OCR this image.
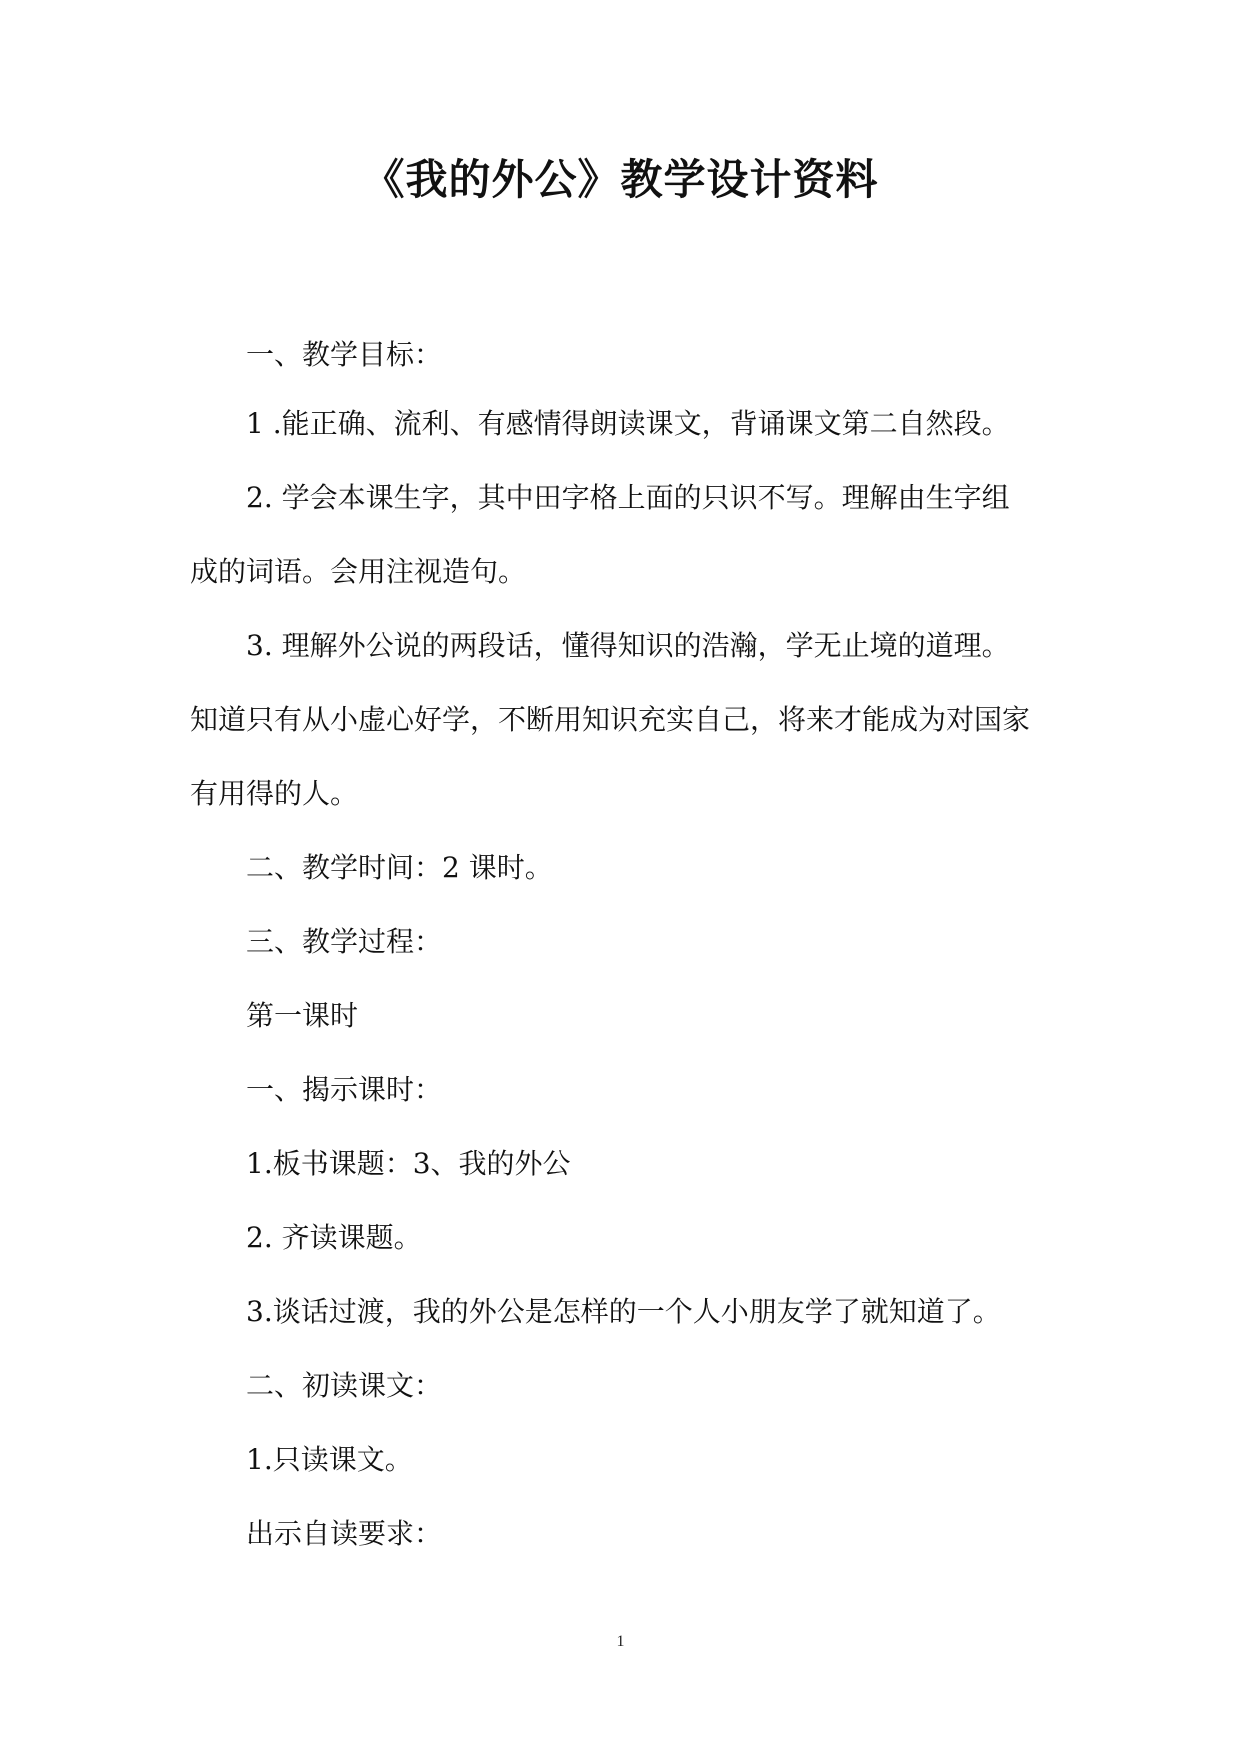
《我的外公》教学设计资料
一、教学目标：
1 .能正确、流利、有感情得朗读课文，背诵课文第二自然段。
2. 学会本课生字，其中田字格上面的只识不写。理解由生字组
成的词语。会用注视造句。
3. 理解外公说的两段话，懂得知识的浩瀚，学无止境的道理。
知道只有从小虚心好学，不断用知识充实自己，将来才能成为对国家
有用得的人。
二、教学时间：2 课时。
三、教学过程：
第一课时
一、揭示课时：
1.板书课题：3、我的外公
2. 齐读课题。
3.谈话过渡，我的外公是怎样的一个人小朋友学了就知道了。
二、初读课文：
1.只读课文。
出示自读要求：
1
